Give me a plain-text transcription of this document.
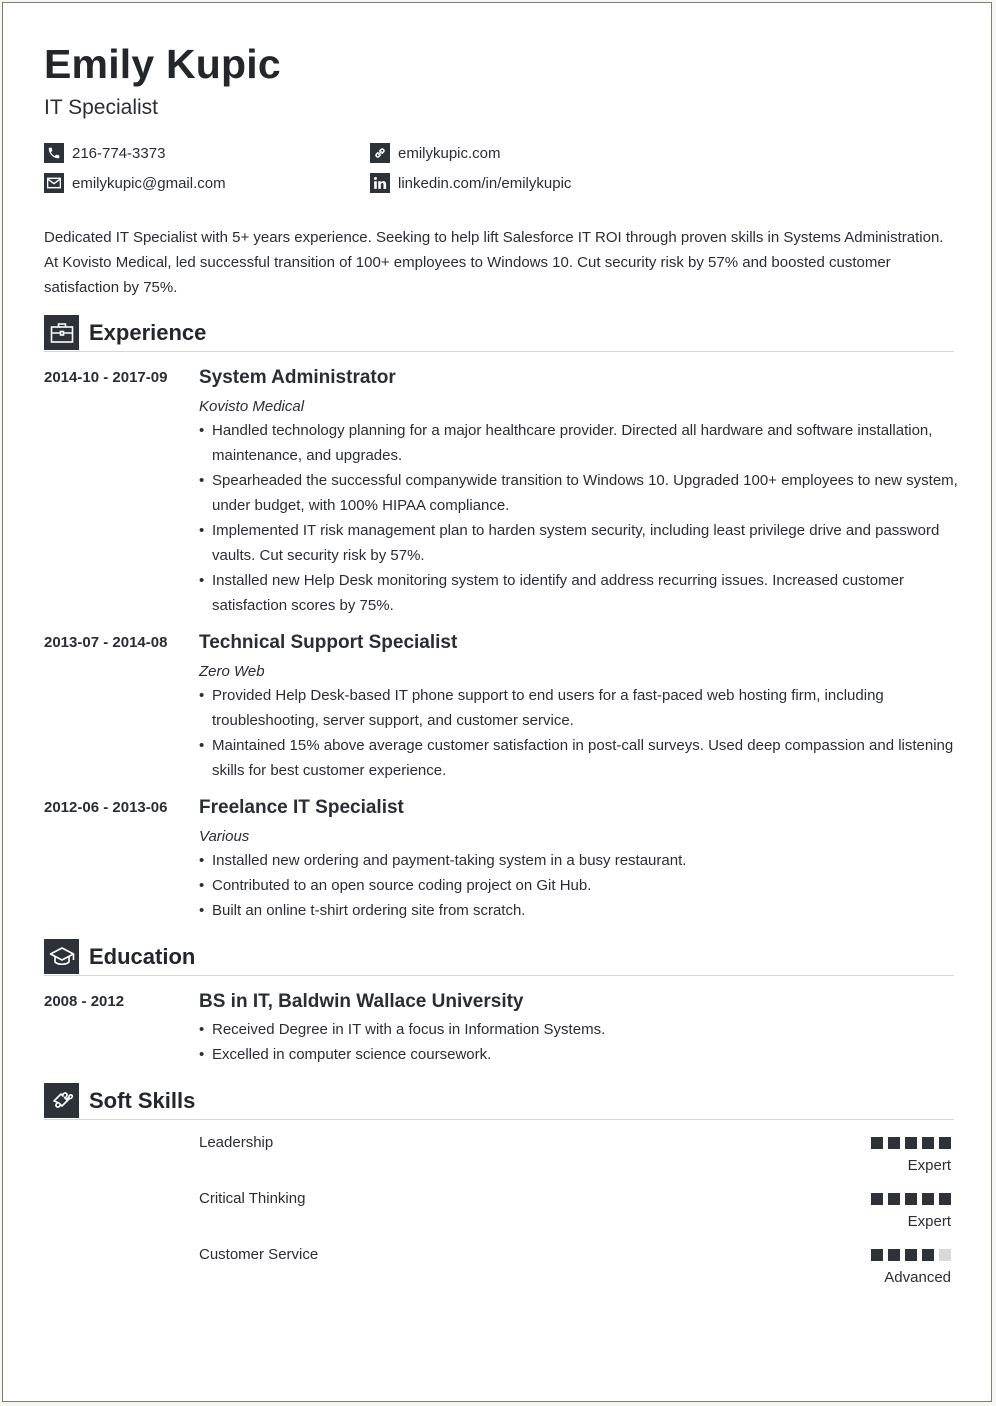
Emily Kupic
IT Specialist
216-774-3373
emilykupic@gmail.com
emilykupic.com
linkedin.com/in/emilykupic
Dedicated IT Specialist with 5+ years experience. Seeking to help lift Salesforce IT ROI through proven skills in Systems Administration. At Kovisto Medical, led successful transition of 100+ employees to Windows 10. Cut security risk by 57% and boosted customer satisfaction by 75%.
Experience
2014-10 - 2017-09 System Administrator
Kovisto Medical
• Handled technology planning for a major healthcare provider. Directed all hardware and software installation, maintenance, and upgrades.
• Spearheaded the successful companywide transition to Windows 10. Upgraded 100+ employees to new system, under budget, with 100% HIPAA compliance.
• Implemented IT risk management plan to harden system security, including least privilege drive and password vaults. Cut security risk by 57%.
• Installed new Help Desk monitoring system to identify and address recurring issues. Increased customer satisfaction scores by 75%.
2013-07 - 2014-08 Technical Support Specialist
Zero Web
• Provided Help Desk-based IT phone support to end users for a fast-paced web hosting firm, including troubleshooting, server support, and customer service.
• Maintained 15% above average customer satisfaction in post-call surveys. Used deep compassion and listening skills for best customer experience.
2012-06 - 2013-06 Freelance IT Specialist
Various
• Installed new ordering and payment-taking system in a busy restaurant.
• Contributed to an open source coding project on Git Hub.
• Built an online t-shirt ordering site from scratch.
Education
2008 - 2012	BS in IT, Baldwin Wallace University
• Received Degree in IT with a focus in Information Systems.
• Excelled in computer science coursework.
Soft Skills
Leadership
Expert
Critical Thinking
Expert
Customer Service
Advanced
